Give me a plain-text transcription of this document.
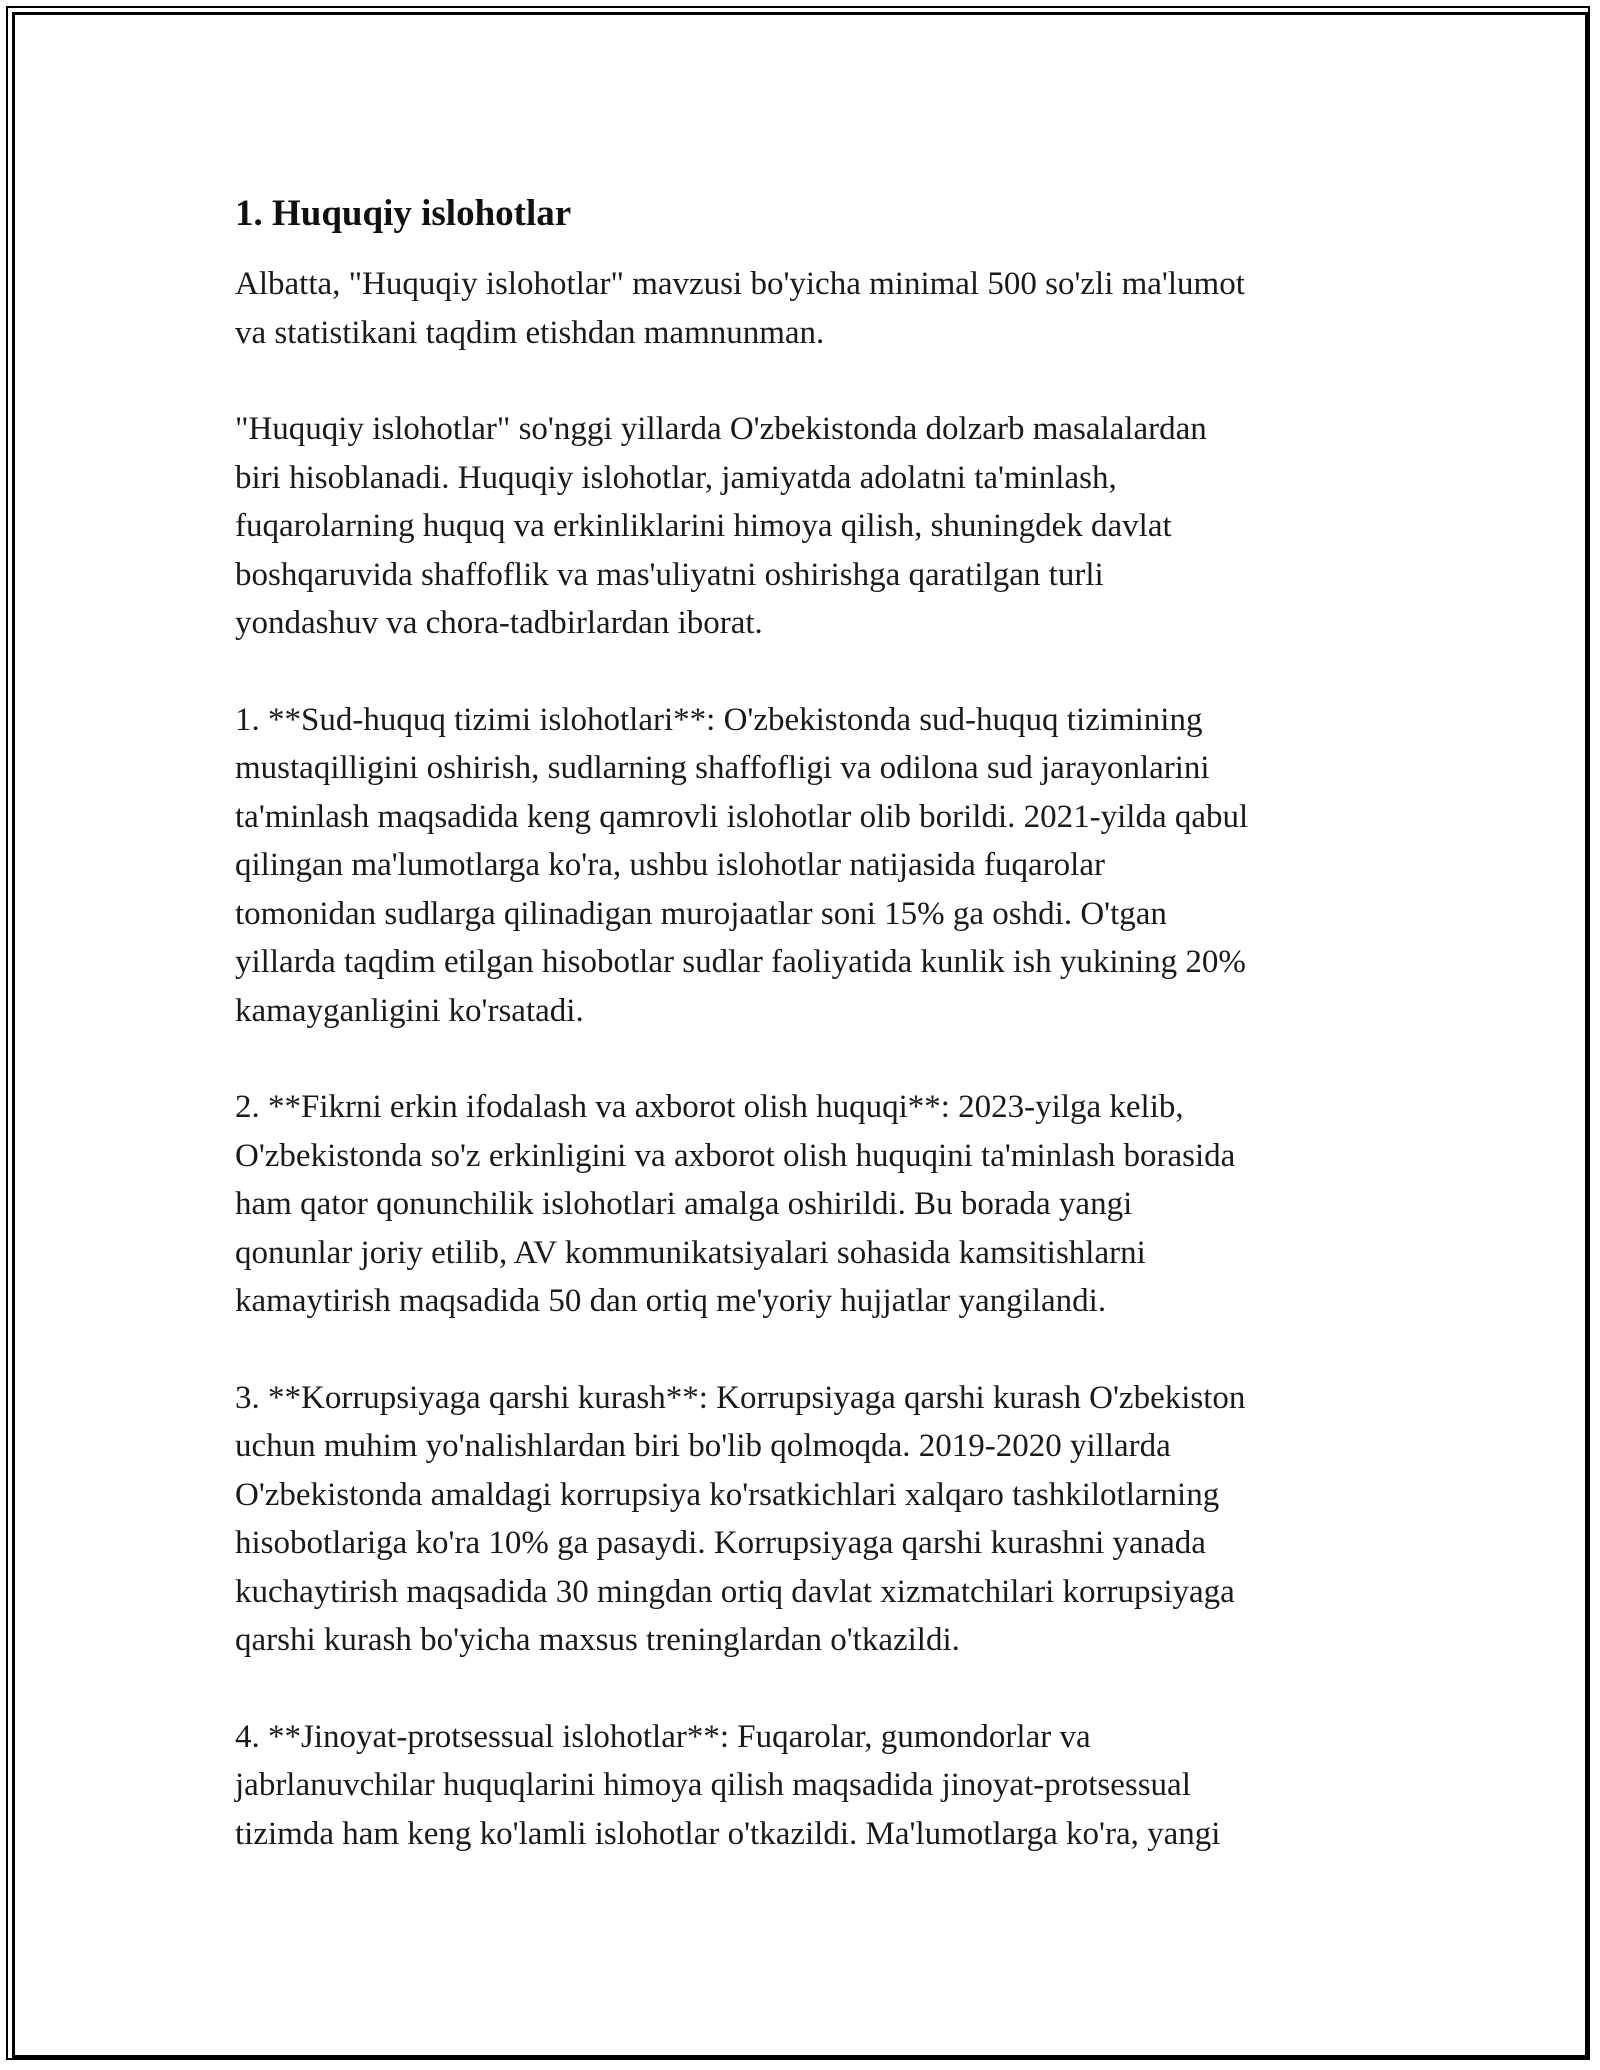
1. Huquqiy islohotlar

Albatta, "Huquqiy islohotlar" mavzusi bo'yicha minimal 500 so'zli ma'lumot
va statistikani taqdim etishdan mamnunman.

"Huquqiy islohotlar" so'nggi yillarda O'zbekistonda dolzarb masalalardan
biri hisoblanadi. Huquqiy islohotlar, jamiyatda adolatni ta'minlash,
fuqarolarning huquq va erkinliklarini himoya qilish, shuningdek davlat
boshqaruvida shaffoflik va mas'uliyatni oshirishga qaratilgan turli
yondashuv va chora-tadbirlardan iborat.

1. **Sud-huquq tizimi islohotlari**: O'zbekistonda sud-huquq tizimining
mustaqilligini oshirish, sudlarning shaffofligi va odilona sud jarayonlarini
ta'minlash maqsadida keng qamrovli islohotlar olib borildi. 2021-yilda qabul
qilingan ma'lumotlarga ko'ra, ushbu islohotlar natijasida fuqarolar
tomonidan sudlarga qilinadigan murojaatlar soni 15% ga oshdi. O'tgan
yillarda taqdim etilgan hisobotlar sudlar faoliyatida kunlik ish yukining 20%
kamayganligini ko'rsatadi.

2. **Fikrni erkin ifodalash va axborot olish huquqi**: 2023-yilga kelib,
O'zbekistonda so'z erkinligini va axborot olish huquqini ta'minlash borasida
ham qator qonunchilik islohotlari amalga oshirildi. Bu borada yangi
qonunlar joriy etilib, AV kommunikatsiyalari sohasida kamsitishlarni
kamaytirish maqsadida 50 dan ortiq me'yoriy hujjatlar yangilandi.

3. **Korrupsiyaga qarshi kurash**: Korrupsiyaga qarshi kurash O'zbekiston
uchun muhim yo'nalishlardan biri bo'lib qolmoqda. 2019-2020 yillarda
O'zbekistonda amaldagi korrupsiya ko'rsatkichlari xalqaro tashkilotlarning
hisobotlariga ko'ra 10% ga pasaydi. Korrupsiyaga qarshi kurashni yanada
kuchaytirish maqsadida 30 mingdan ortiq davlat xizmatchilari korrupsiyaga
qarshi kurash bo'yicha maxsus treninglardan o'tkazildi.

4. **Jinoyat-protsessual islohotlar**: Fuqarolar, gumondorlar va
jabrlanuvchilar huquqlarini himoya qilish maqsadida jinoyat-protsessual
tizimda ham keng ko'lamli islohotlar o'tkazildi. Ma'lumotlarga ko'ra, yangi
